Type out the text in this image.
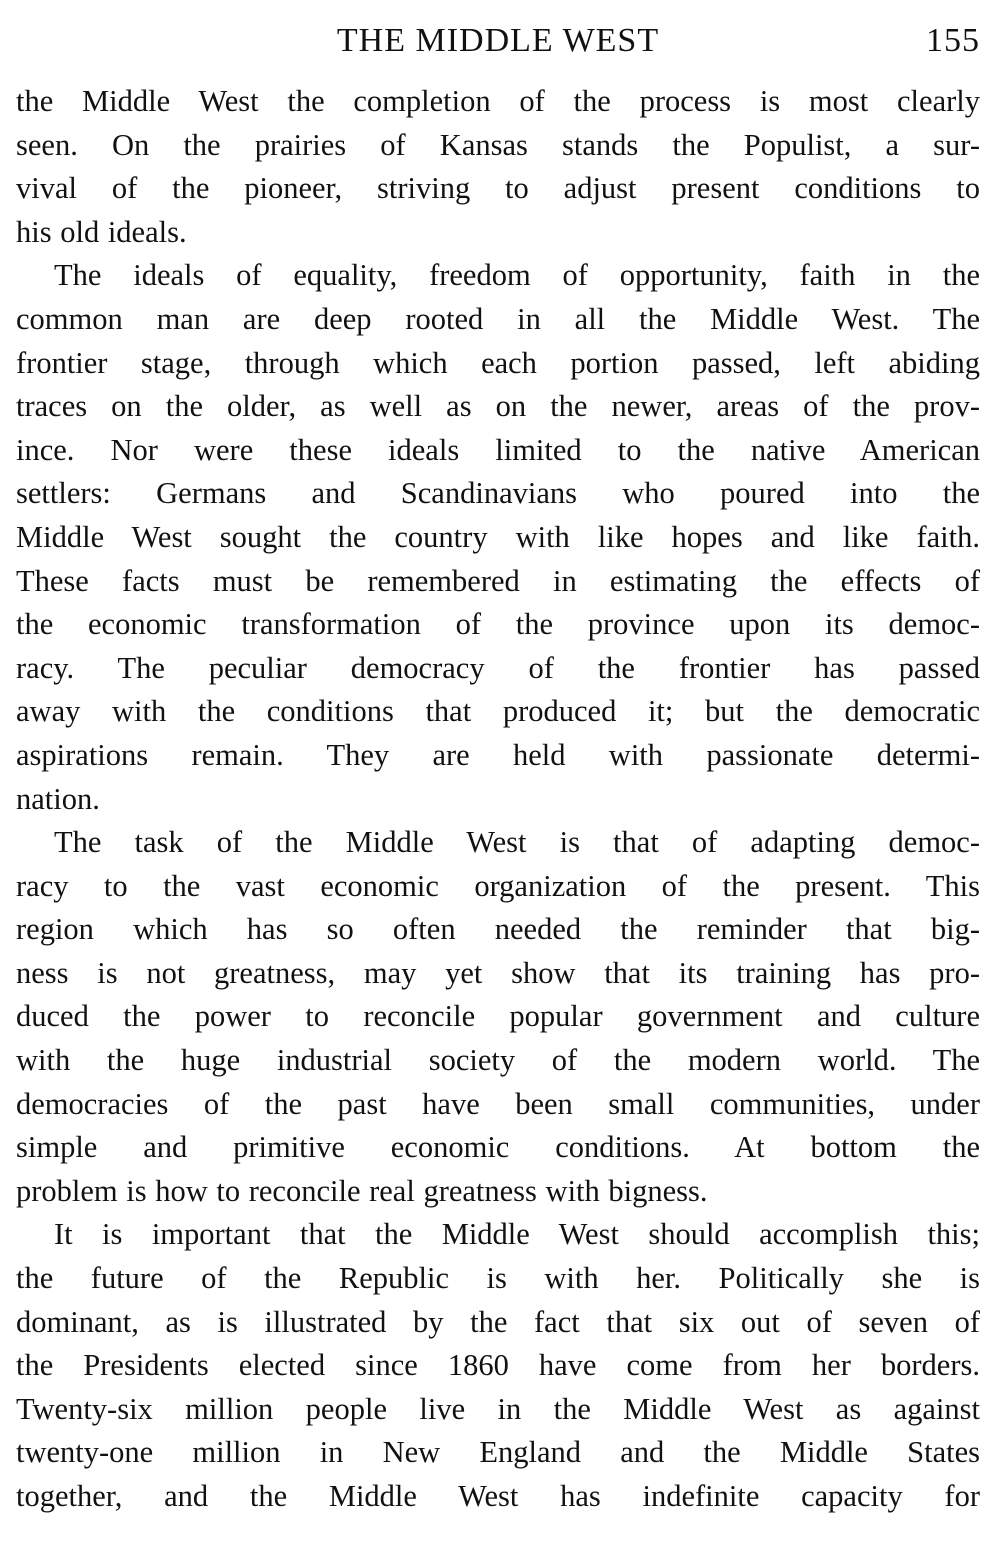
THE MIDDLE WEST	155

the Middle West the completion of the process is most clearly
seen. On the prairies of Kansas stands the Populist, a sur-
vival of the pioneer, striving to adjust present conditions to
his old ideals.

The ideals of equality, freedom of opportunity, faith in the
common man are deep rooted in all the Middle West. The
frontier stage, through which each portion passed, left abiding
traces on the older, as well as on the newer, areas of the prov-
ince. Nor were these ideals limited to the native American
settlers: Germans and Scandinavians who poured into the
Middle West sought the country with like hopes and like faith.
These facts must be remembered in estimating the effects of
the economic transformation of the province upon its democ-
racy. The peculiar democracy of the frontier has passed
away with the conditions that produced it; but the democratic
aspirations remain. They are held with passionate determi-
nation.

The task of the Middle West is that of adapting democ-
racy to the vast economic organization of the present. This
region which has so often needed the reminder that big-
ness is not greatness, may yet show that its training has pro-
duced the power to reconcile popular government and culture
with the huge industrial society of the modern world. The
democracies of the past have been small communities, under
simple and primitive economic conditions. At bottom the
problem is how to reconcile real greatness with bigness.

It is important that the Middle West should accomplish this;
the future of the Republic is with her. Politically she is
dominant, as is illustrated by the fact that six out of seven of
the Presidents elected since 1860 have come from her borders.
Twenty-six million people live in the Middle West as against
twenty-one million in New England and the Middle States
together, and the Middle West has indefinite capacity for
